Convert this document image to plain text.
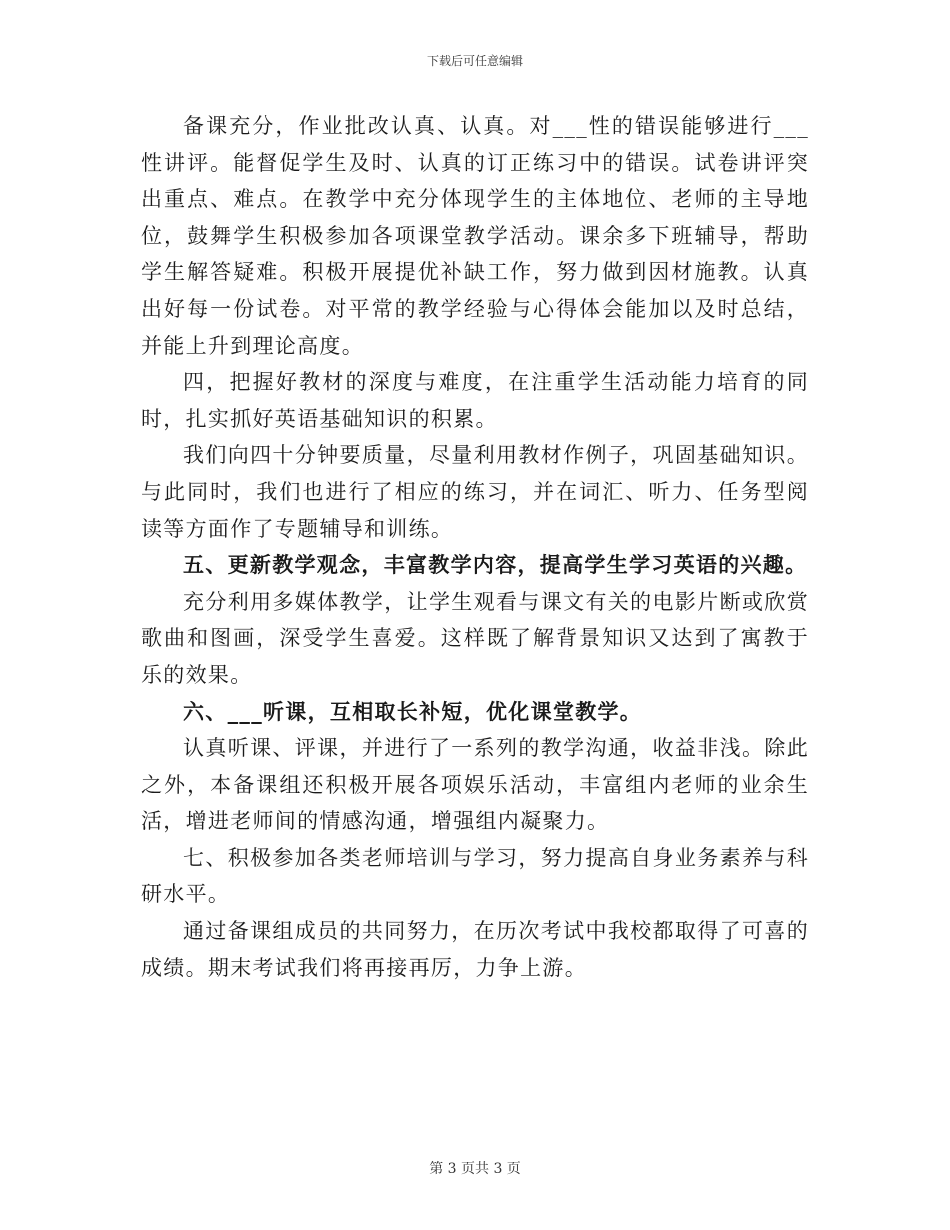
下载后可任意编辑

备课充分，作业批改认真、认真。对___性的错误能够进行___性讲评。能督促学生及时、认真的订正练习中的错误。试卷讲评突出重点、难点。在教学中充分体现学生的主体地位、老师的主导地位，鼓舞学生积极参加各项课堂教学活动。课余多下班辅导，帮助学生解答疑难。积极开展提优补缺工作，努力做到因材施教。认真出好每一份试卷。对平常的教学经验与心得体会能加以及时总结，并能上升到理论高度。

四，把握好教材的深度与难度，在注重学生活动能力培育的同时，扎实抓好英语基础知识的积累。

我们向四十分钟要质量，尽量利用教材作例子，巩固基础知识。与此同时，我们也进行了相应的练习，并在词汇、听力、任务型阅读等方面作了专题辅导和训练。

五、更新教学观念，丰富教学内容，提高学生学习英语的兴趣。

充分利用多媒体教学，让学生观看与课文有关的电影片断或欣赏歌曲和图画，深受学生喜爱。这样既了解背景知识又达到了寓教于乐的效果。

六、___听课，互相取长补短，优化课堂教学。

认真听课、评课，并进行了一系列的教学沟通，收益非浅。除此之外，本备课组还积极开展各项娱乐活动，丰富组内老师的业余生活，增进老师间的情感沟通，增强组内凝聚力。

七、积极参加各类老师培训与学习，努力提高自身业务素养与科研水平。

通过备课组成员的共同努力，在历次考试中我校都取得了可喜的成绩。期末考试我们将再接再厉，力争上游。

第 3 页共 3 页
